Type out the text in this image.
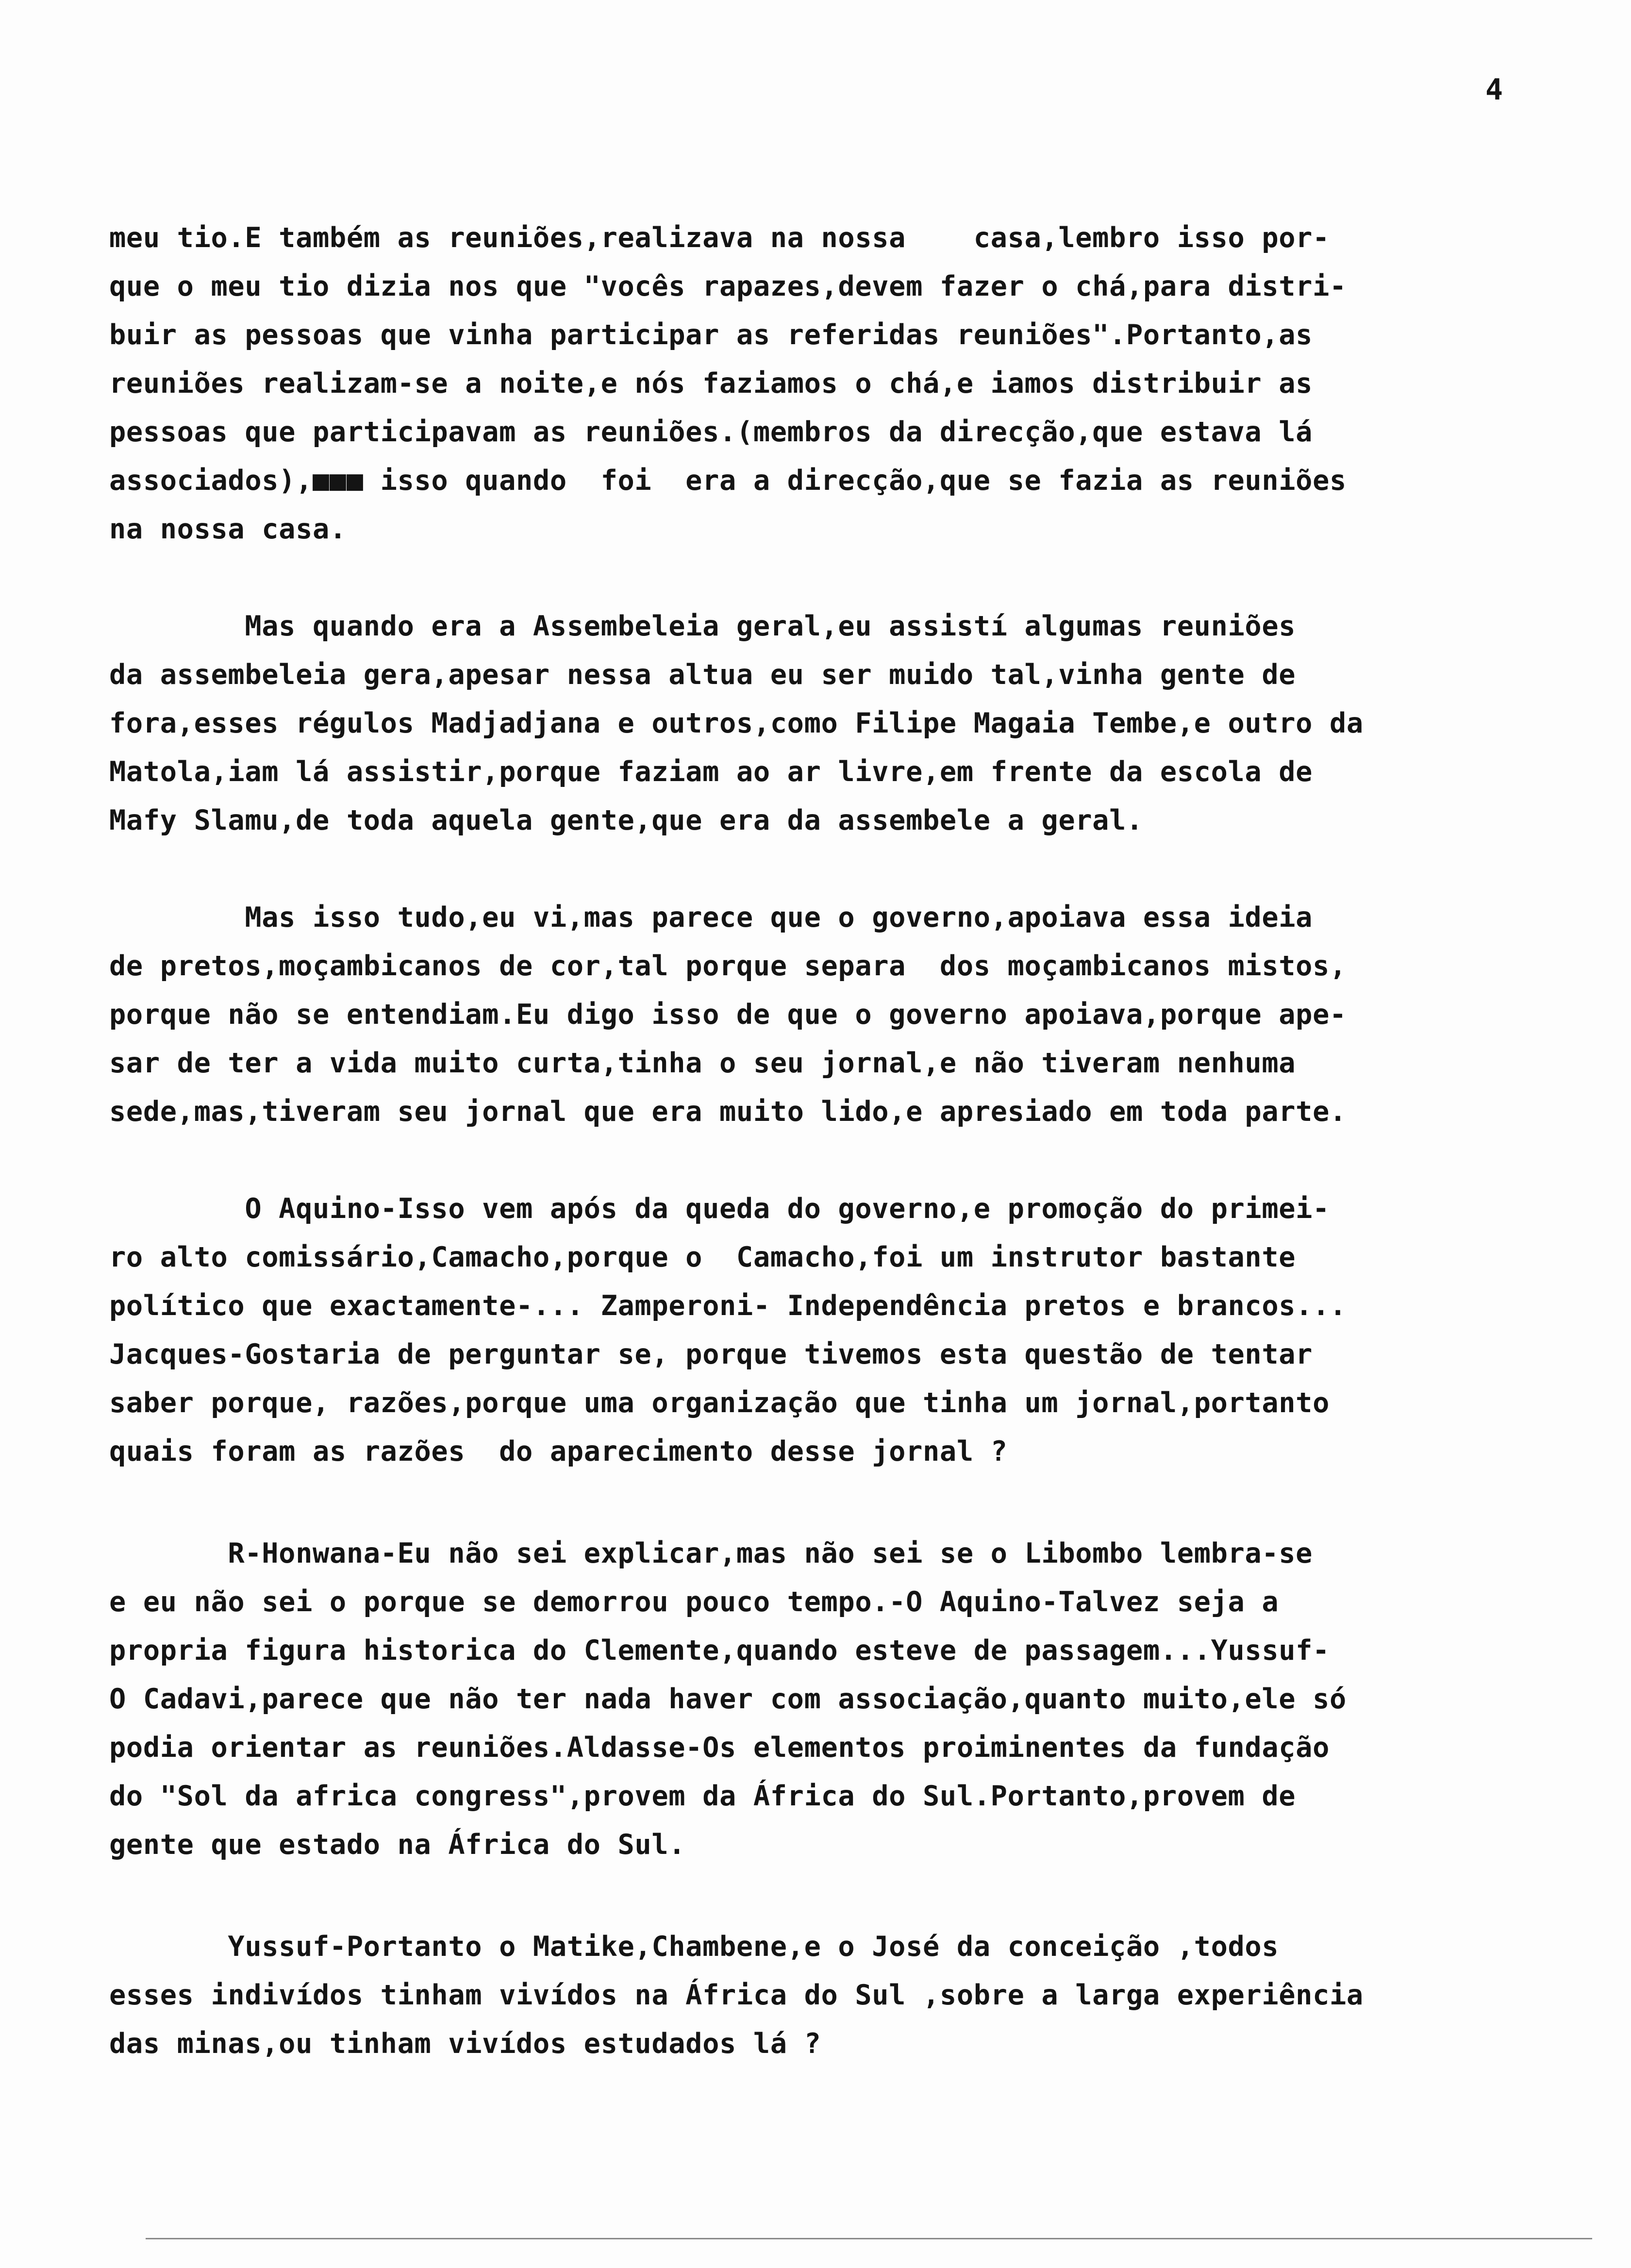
4
meu tio.E também as reuniões,realizava na nossa    casa,lembro isso por-
que o meu tio dizia nos que "vocês rapazes,devem fazer o chá,para distri-
buir as pessoas que vinha participar as referidas reuniões".Portanto,as
reuniões realizam-se a noite,e nós faziamos o chá,e iamos distribuir as
pessoas que participavam as reuniões.(membros da direcção,que estava lá
associados),■■■ isso quando  foi  era a direcção,que se fazia as reuniões
na nossa casa.
Mas quando era a Assembeleia geral,eu assistí algumas reuniões
da assembeleia gera,apesar nessa altua eu ser muido tal,vinha gente de
fora,esses régulos Madjadjana e outros,como Filipe Magaia Tembe,e outro da
Matola,iam lá assistir,porque faziam ao ar livre,em frente da escola de
Mafy Slamu,de toda aquela gente,que era da assembele a geral.
Mas isso tudo,eu vi,mas parece que o governo,apoiava essa ideia
de pretos,moçambicanos de cor,tal porque separa  dos moçambicanos mistos,
porque não se entendiam.Eu digo isso de que o governo apoiava,porque ape-
sar de ter a vida muito curta,tinha o seu jornal,e não tiveram nenhuma
sede,mas,tiveram seu jornal que era muito lido,e apresiado em toda parte.
O Aquino-Isso vem após da queda do governo,e promoção do primei-
ro alto comissário,Camacho,porque o  Camacho,foi um instrutor bastante
político que exactamente-... Zamperoni- Independência pretos e brancos...
Jacques-Gostaria de perguntar se, porque tivemos esta questão de tentar
saber porque, razões,porque uma organização que tinha um jornal,portanto
quais foram as razões  do aparecimento desse jornal ?
R-Honwana-Eu não sei explicar,mas não sei se o Libombo lembra-se
e eu não sei o porque se demorrou pouco tempo.-O Aquino-Talvez seja a
propria figura historica do Clemente,quando esteve de passagem...Yussuf-
O Cadavi,parece que não ter nada haver com associação,quanto muito,ele só
podia orientar as reuniões.Aldasse-Os elementos proiminentes da fundação
do "Sol da africa congress",provem da África do Sul.Portanto,provem de
gente que estado na África do Sul.
Yussuf-Portanto o Matike,Chambene,e o José da conceição ,todos
esses indivídos tinham vivídos na África do Sul ,sobre a larga experiência
das minas,ou tinham vivídos estudados lá ?
